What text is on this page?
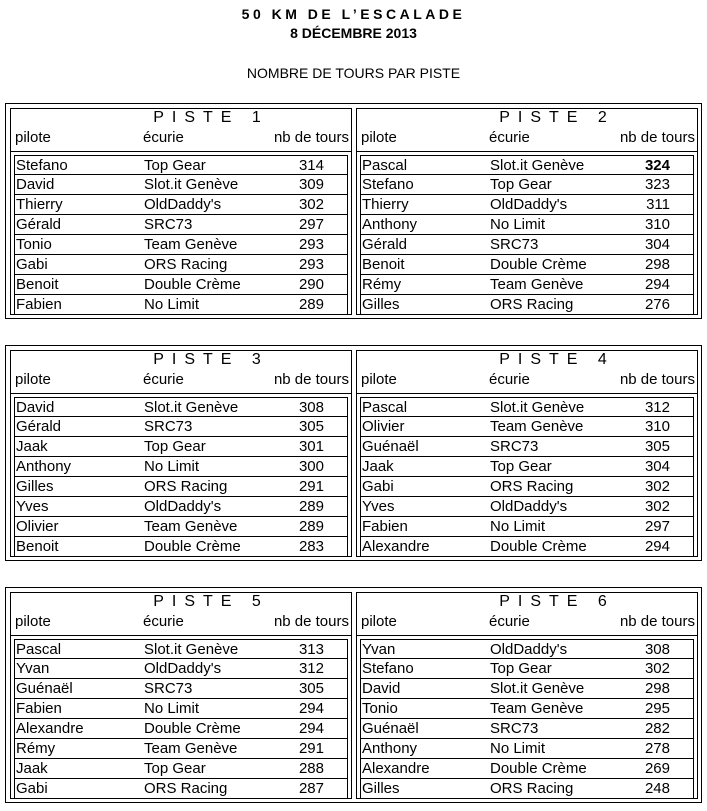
50 KM DE L’ESCALADE
8 DÉCEMBRE 2013
NOMBRE DE TOURS PAR PISTE
PISTE 1
pilote	écurie	nb de tours
Stefano	Top Gear	314
David	Slot.it Genève	309
Thierry	OldDaddy's	302
Gérald	SRC73	297
Tonio	Team Genève	293
Gabi	ORS Racing	293
Benoit	Double Crème	290
Fabien	No Limit	289
PISTE 2
pilote	écurie	nb de tours
Pascal	Slot.it Genève	324
Stefano	Top Gear	323
Thierry	OldDaddy's	311
Anthony	No Limit	310
Gérald	SRC73	304
Benoit	Double Crème	298
Rémy	Team Genève	294
Gilles	ORS Racing	276
PISTE 3
pilote	écurie	nb de tours
David	Slot.it Genève	308
Gérald	SRC73	305
Jaak	Top Gear	301
Anthony	No Limit	300
Gilles	ORS Racing	291
Yves	OldDaddy's	289
Olivier	Team Genève	289
Benoit	Double Crème	283
PISTE 4
pilote	écurie	nb de tours
Pascal	Slot.it Genève	312
Olivier	Team Genève	310
Guénaël	SRC73	305
Jaak	Top Gear	304
Gabi	ORS Racing	302
Yves	OldDaddy's	302
Fabien	No Limit	297
Alexandre	Double Crème	294
PISTE 5
pilote	écurie	nb de tours
Pascal	Slot.it Genève	313
Yvan	OldDaddy's	312
Guénaël	SRC73	305
Fabien	No Limit	294
Alexandre	Double Crème	294
Rémy	Team Genève	291
Jaak	Top Gear	288
Gabi	ORS Racing	287
PISTE 6
pilote	écurie	nb de tours
Yvan	OldDaddy's	308
Stefano	Top Gear	302
David	Slot.it Genève	298
Tonio	Team Genève	295
Guénaël	SRC73	282
Anthony	No Limit	278
Alexandre	Double Crème	269
Gilles	ORS Racing	248
